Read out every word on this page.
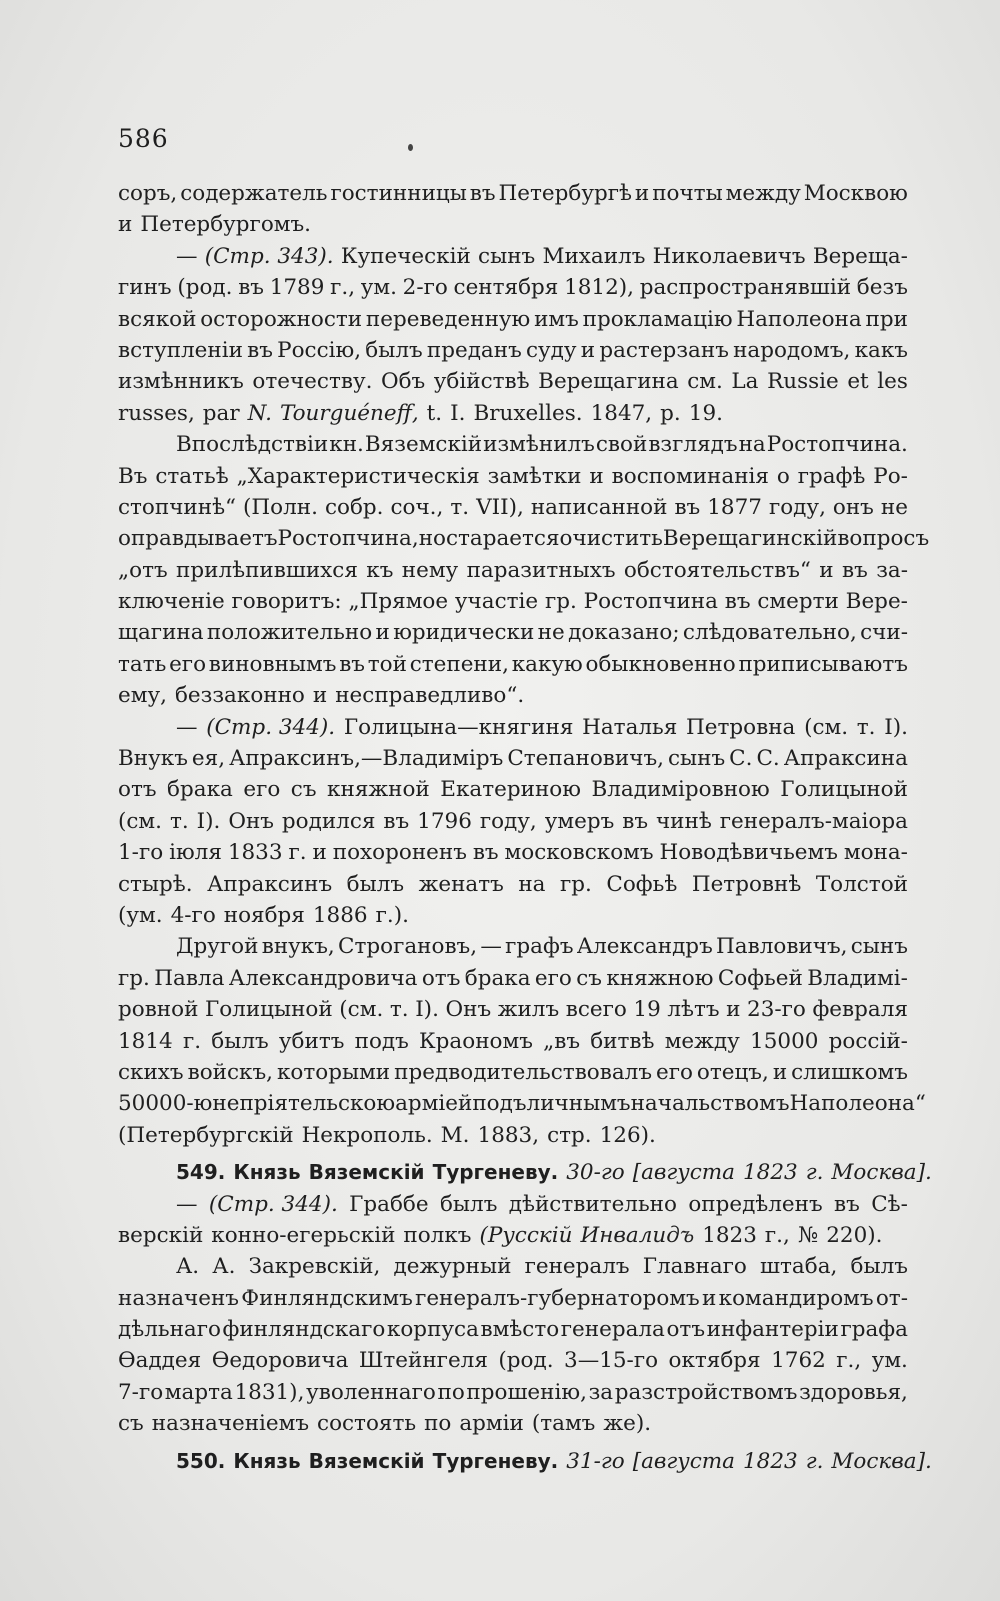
586
соръ, содержатель гостинницы въ Петербургѣ и почты между Москвою
и Петербургомъ.
— (Стр. 343). Купеческій сынъ Михаилъ Николаевичъ Верещa-
гинъ (род. въ 1789 г., ум. 2-го сентября 1812), распространявшій безъ
всякой осторожности переведенную имъ прокламацію Наполеона при
вступленіи въ Россію, былъ преданъ суду и растерзанъ народомъ, какъ
измѣнникъ отечеству. Объ убійствѣ Верещагина см. La Russie et les
russes, par N. Tourguéneff, t. I. Bruxelles. 1847, p. 19.
Впослѣдствіи кн. Вяземскій измѣнилъ свой взглядъ на Ростопчина.
Въ статьѣ „Характеристическія замѣтки и воспоминанія о графѣ Ро-
стопчинѣ“ (Полн. собр. соч., т. VII), написанной въ 1877 году, онъ не
оправдываетъ Ростопчина, но старается очистить Верещагинскій вопросъ
„отъ прилѣпившихся къ нему паразитныхъ обстоятельствъ“ и въ за-
ключеніе говоритъ: „Прямое участіе гр. Ростопчина въ смерти Вере-
щагина положительно и юридически не доказано; слѣдовательно, счи-
тать его виновнымъ въ той степени, какую обыкновенно приписываютъ
ему, беззаконно и несправедливо“.
— (Стр. 344). Голицына—княгиня Наталья Петровна (см. т. I).
Внукъ ея, Апраксинъ,—Владиміръ Степановичъ, сынъ С. С. Апраксина
отъ брака его съ княжной Екатериною Владиміровною Голицыной
(см. т. I). Онъ родился въ 1796 году, умеръ въ чинѣ генералъ-маіора
1-го іюля 1833 г. и похороненъ въ московскомъ Новодѣвичьемъ мона-
стырѣ. Апраксинъ былъ женатъ на гр. Софьѣ Петровнѣ Толстой
(ум. 4-го ноября 1886 г.).
Другой внукъ, Строгановъ, — графъ Александръ Павловичъ, сынъ
гр. Павла Александровича отъ брака его съ княжною Софьей Владимі-
ровной Голицыной (см. т. I). Онъ жилъ всего 19 лѣтъ и 23-го февраля
1814 г. былъ убитъ подъ Краономъ „въ битвѣ между 15000 россій-
скихъ войскъ, которыми предводительствовалъ его отецъ, и слишкомъ
50000-ю непріятельскою арміей подъ личнымъ начальствомъ Наполеона“
(Петербургскій Некрополь. М. 1883, стр. 126).
549. Князь Вяземскій Тургеневу. 30-го [августа 1823 г. Москва].
— (Стр. 344). Граббе былъ дѣйствительно опредѣленъ въ Сѣ-
верскій конно-егерьскій полкъ (Русскій Инвалидъ 1823 г., № 220).
А. А. Закревскій, дежурный генералъ Главнаго штаба, былъ
назначенъ Финляндскимъ генералъ-губернаторомъ и командиромъ от-
дѣльнаго финляндскаго корпуса вмѣсто генерала отъ инфантеріи графа
Ѳаддея Ѳедоровича Штейнгеля (род. 3—15-го октября 1762 г., ум.
7-го марта 1831), уволеннаго по прошенію, за разстройствомъ здоровья,
съ назначеніемъ состоять по арміи (тамъ же).
550. Князь Вяземскій Тургеневу. 31-го [августа 1823 г. Москва].
